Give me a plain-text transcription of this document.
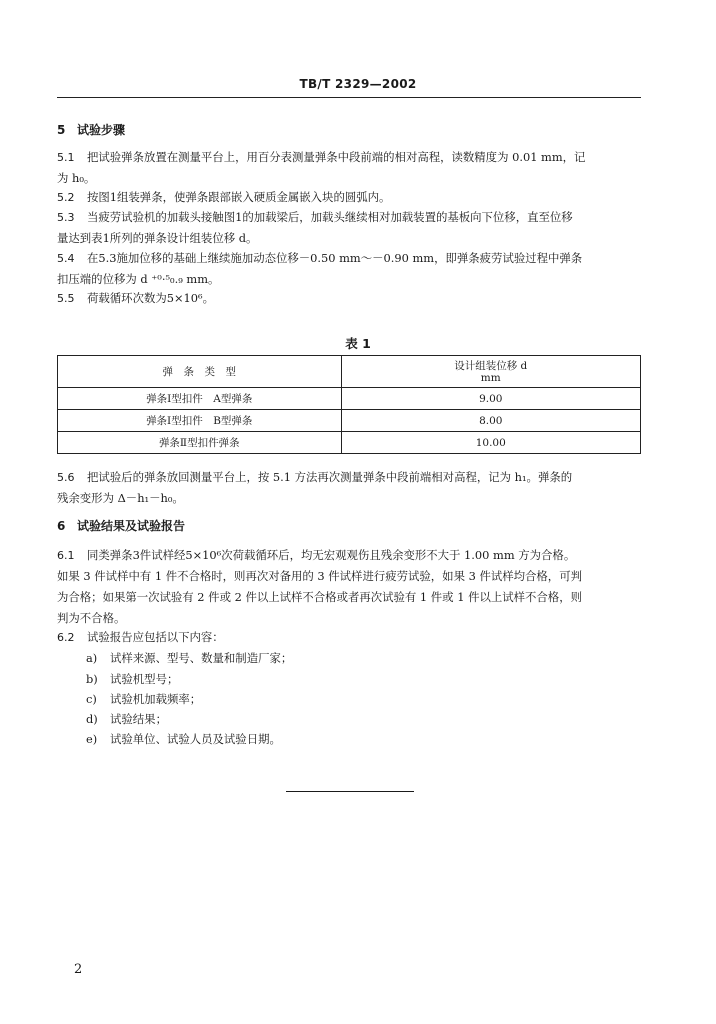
TB/T 2329—2002
5 试验步骤
5.1 把试验弹条放置在测量平台上，用百分表测量弹条中段前端的相对高程，读数精度为 0.01 mm，记
为 h₀。
5.2 按图1组装弹条，使弹条跟部嵌入硬质金属嵌入块的圆弧内。
5.3 当疲劳试验机的加载头接触图1的加载梁后，加载头继续相对加载装置的基板向下位移，直至位移
量达到表1所列的弹条设计组装位移 d。
5.4 在5.3施加位移的基础上继续施加动态位移－0.50 mm～－0.90 mm，即弹条疲劳试验过程中弹条
扣压端的位移为 d ⁺⁰·⁵₀.₉ mm。
5.5 荷载循环次数为5×10⁶。
表 1
弹　条　类　型	设计组装位移 d
mm

弹条Ⅰ型扣件　A型弹条	9.00
弹条Ⅰ型扣件　B型弹条	8.00
弹条Ⅱ型扣件弹条	10.00
5.6 把试验后的弹条放回测量平台上，按 5.1 方法再次测量弹条中段前端相对高程，记为 h₁。弹条的
残余变形为 Δ－h₁－h₀。
6 试验结果及试验报告
6.1 同类弹条3件试样经5×10⁶次荷载循环后，均无宏观观伤且残余变形不大于 1.00 mm 方为合格。
如果 3 件试样中有 1 件不合格时，则再次对备用的 3 件试样进行疲劳试验，如果 3 件试样均合格，可判
为合格；如果第一次试验有 2 件或 2 件以上试样不合格或者再次试验有 1 件或 1 件以上试样不合格，则
判为不合格。
6.2 试验报告应包括以下内容：
a) 试样来源、型号、数量和制造厂家；
b) 试验机型号；
c) 试验机加载频率；
d) 试验结果；
e) 试验单位、试验人员及试验日期。
2
